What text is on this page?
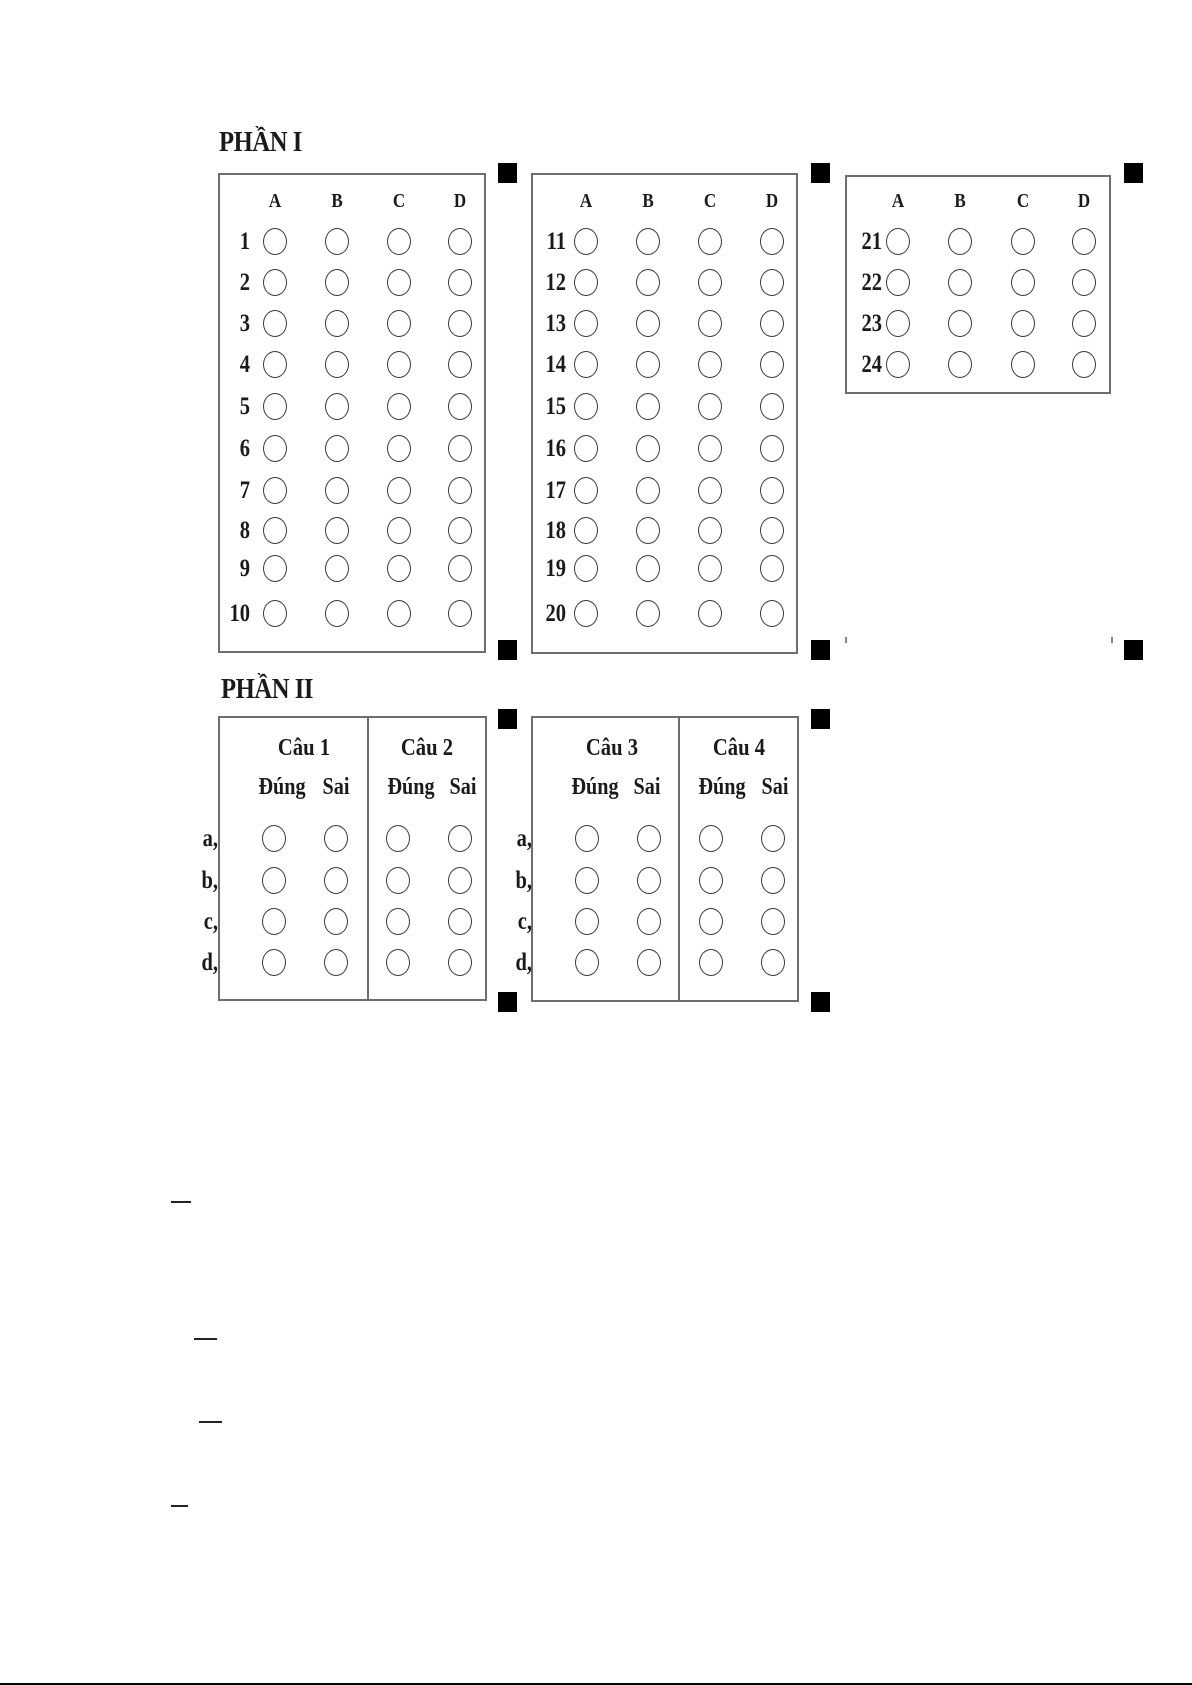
PHẦN I
A	B	C	D
1
2
3
4
5
6
7
8
9
10
A	B	C	D
11
12
13
14
15
16
17
18
19
20
A	B	C	D
21
22
23
24
PHẦN II
Câu 1
Đúng Sai
Câu 2
Đúng Sai
a,
b,
c,
d,
Câu 3
Đúng Sai
Câu 4
Đúng Sai
a,
b,
c,
d,
